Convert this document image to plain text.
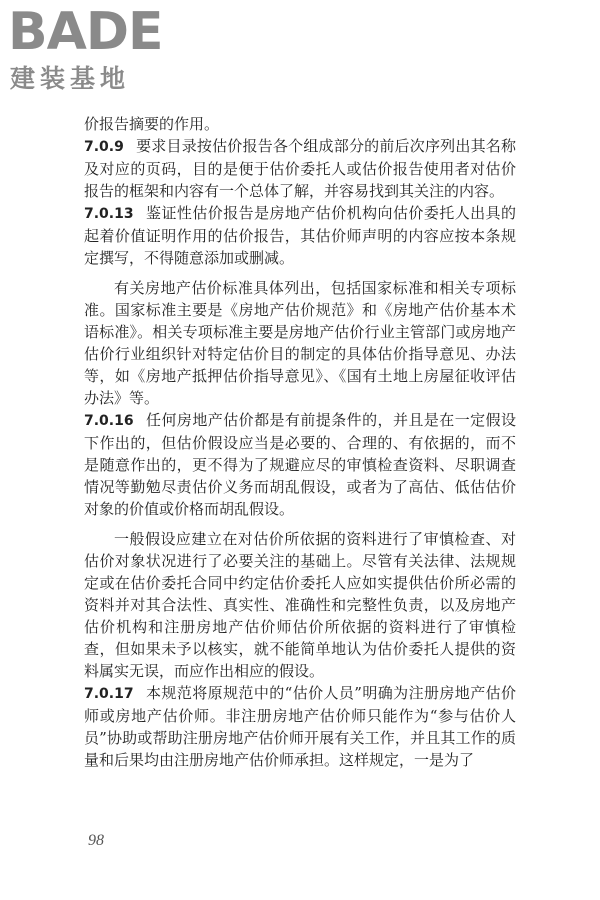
BADE
建装基地

价报告摘要的作用。

7.0.9 要求目录按估价报告各个组成部分的前后次序列出其名称及对应的页码，目的是便于估价委托人或估价报告使用者对估价报告的框架和内容有一个总体了解，并容易找到其关注的内容。

7.0.13 鉴证性估价报告是房地产估价机构向估价委托人出具的起着价值证明作用的估价报告，其估价师声明的内容应按本条规定撰写，不得随意添加或删减。

有关房地产估价标准具体列出，包括国家标准和相关专项标准。国家标准主要是《房地产估价规范》和《房地产估价基本术语标准》。相关专项标准主要是房地产估价行业主管部门或房地产估价行业组织针对特定估价目的制定的具体估价指导意见、办法等，如《房地产抵押估价指导意见》、《国有土地上房屋征收评估办法》等。

7.0.16 任何房地产估价都是有前提条件的，并且是在一定假设下作出的，但估价假设应当是必要的、合理的、有依据的，而不是随意作出的，更不得为了规避应尽的审慎检查资料、尽职调查情况等勤勉尽责估价义务而胡乱假设，或者为了高估、低估估价对象的价值或价格而胡乱假设。

一般假设应建立在对估价所依据的资料进行了审慎检查、对估价对象状况进行了必要关注的基础上。尽管有关法律、法规规定或在估价委托合同中约定估价委托人应如实提供估价所必需的资料并对其合法性、真实性、准确性和完整性负责，以及房地产估价机构和注册房地产估价师估价所依据的资料进行了审慎检查，但如果未予以核实，就不能简单地认为估价委托人提供的资料属实无误，而应作出相应的假设。

7.0.17 本规范将原规范中的“估价人员”明确为注册房地产估价师或房地产估价师。非注册房地产估价师只能作为“参与估价人员”协助或帮助注册房地产估价师开展有关工作，并且其工作的质量和后果均由注册房地产估价师承担。这样规定，一是为了

98
